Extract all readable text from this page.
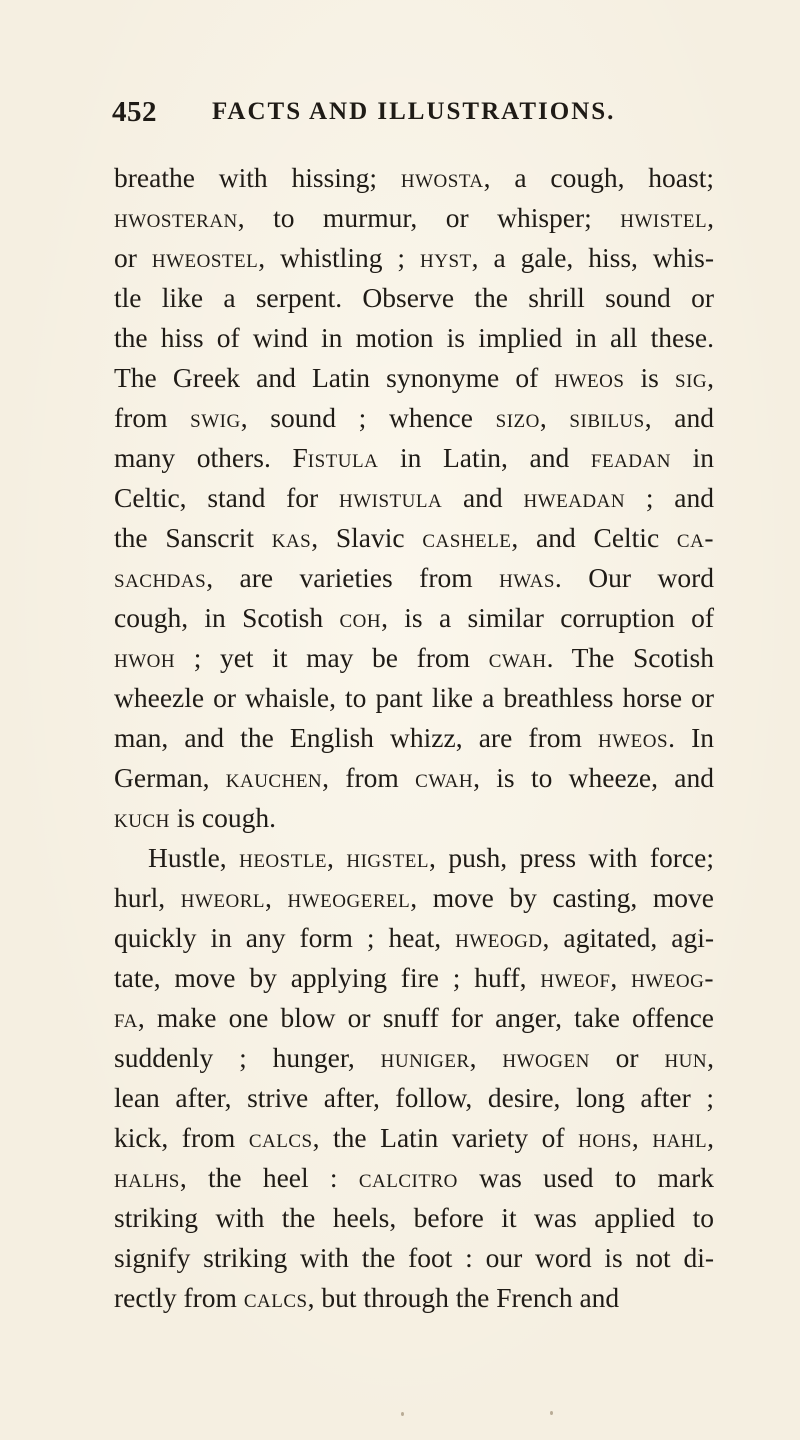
452 FACTS AND ILLUSTRATIONS.
breathe with hissing; hwosta, a cough, hoast;
hwosteran, to murmur, or whisper; hwistel,
or hweostel, whistling ; hyst, a gale, hiss, whis-
tle like a serpent. Observe the shrill sound or
the hiss of wind in motion is implied in all these.
The Greek and Latin synonyme of hweos is sig,
from swig, sound ; whence sizo, sibilus, and
many others. Fistula in Latin, and feadan in
Celtic, stand for hwistula and hweadan ; and
the Sanscrit kas, Slavic cashele, and Celtic ca-
sachdas, are varieties from hwas. Our word
cough, in Scotish coh, is a similar corruption of
hwoh ; yet it may be from cwah. The Scotish
wheezle or whaisle, to pant like a breathless horse or
man, and the English whizz, are from hweos. In
German, kauchen, from cwah, is to wheeze, and
kuch is cough.
Hustle, heostle, higstel, push, press with force;
hurl, hweorl, hweogerel, move by casting, move
quickly in any form ; heat, hweogd, agitated, agi-
tate, move by applying fire ; huff, hweof, hweog-
fa, make one blow or snuff for anger, take offence
suddenly ; hunger, huniger, hwogen or hun,
lean after, strive after, follow, desire, long after ;
kick, from calcs, the Latin variety of hohs, hahl,
halhs, the heel : calcitro was used to mark
striking with the heels, before it was applied to
signify striking with the foot : our word is not di-
rectly from calcs, but through the French and
